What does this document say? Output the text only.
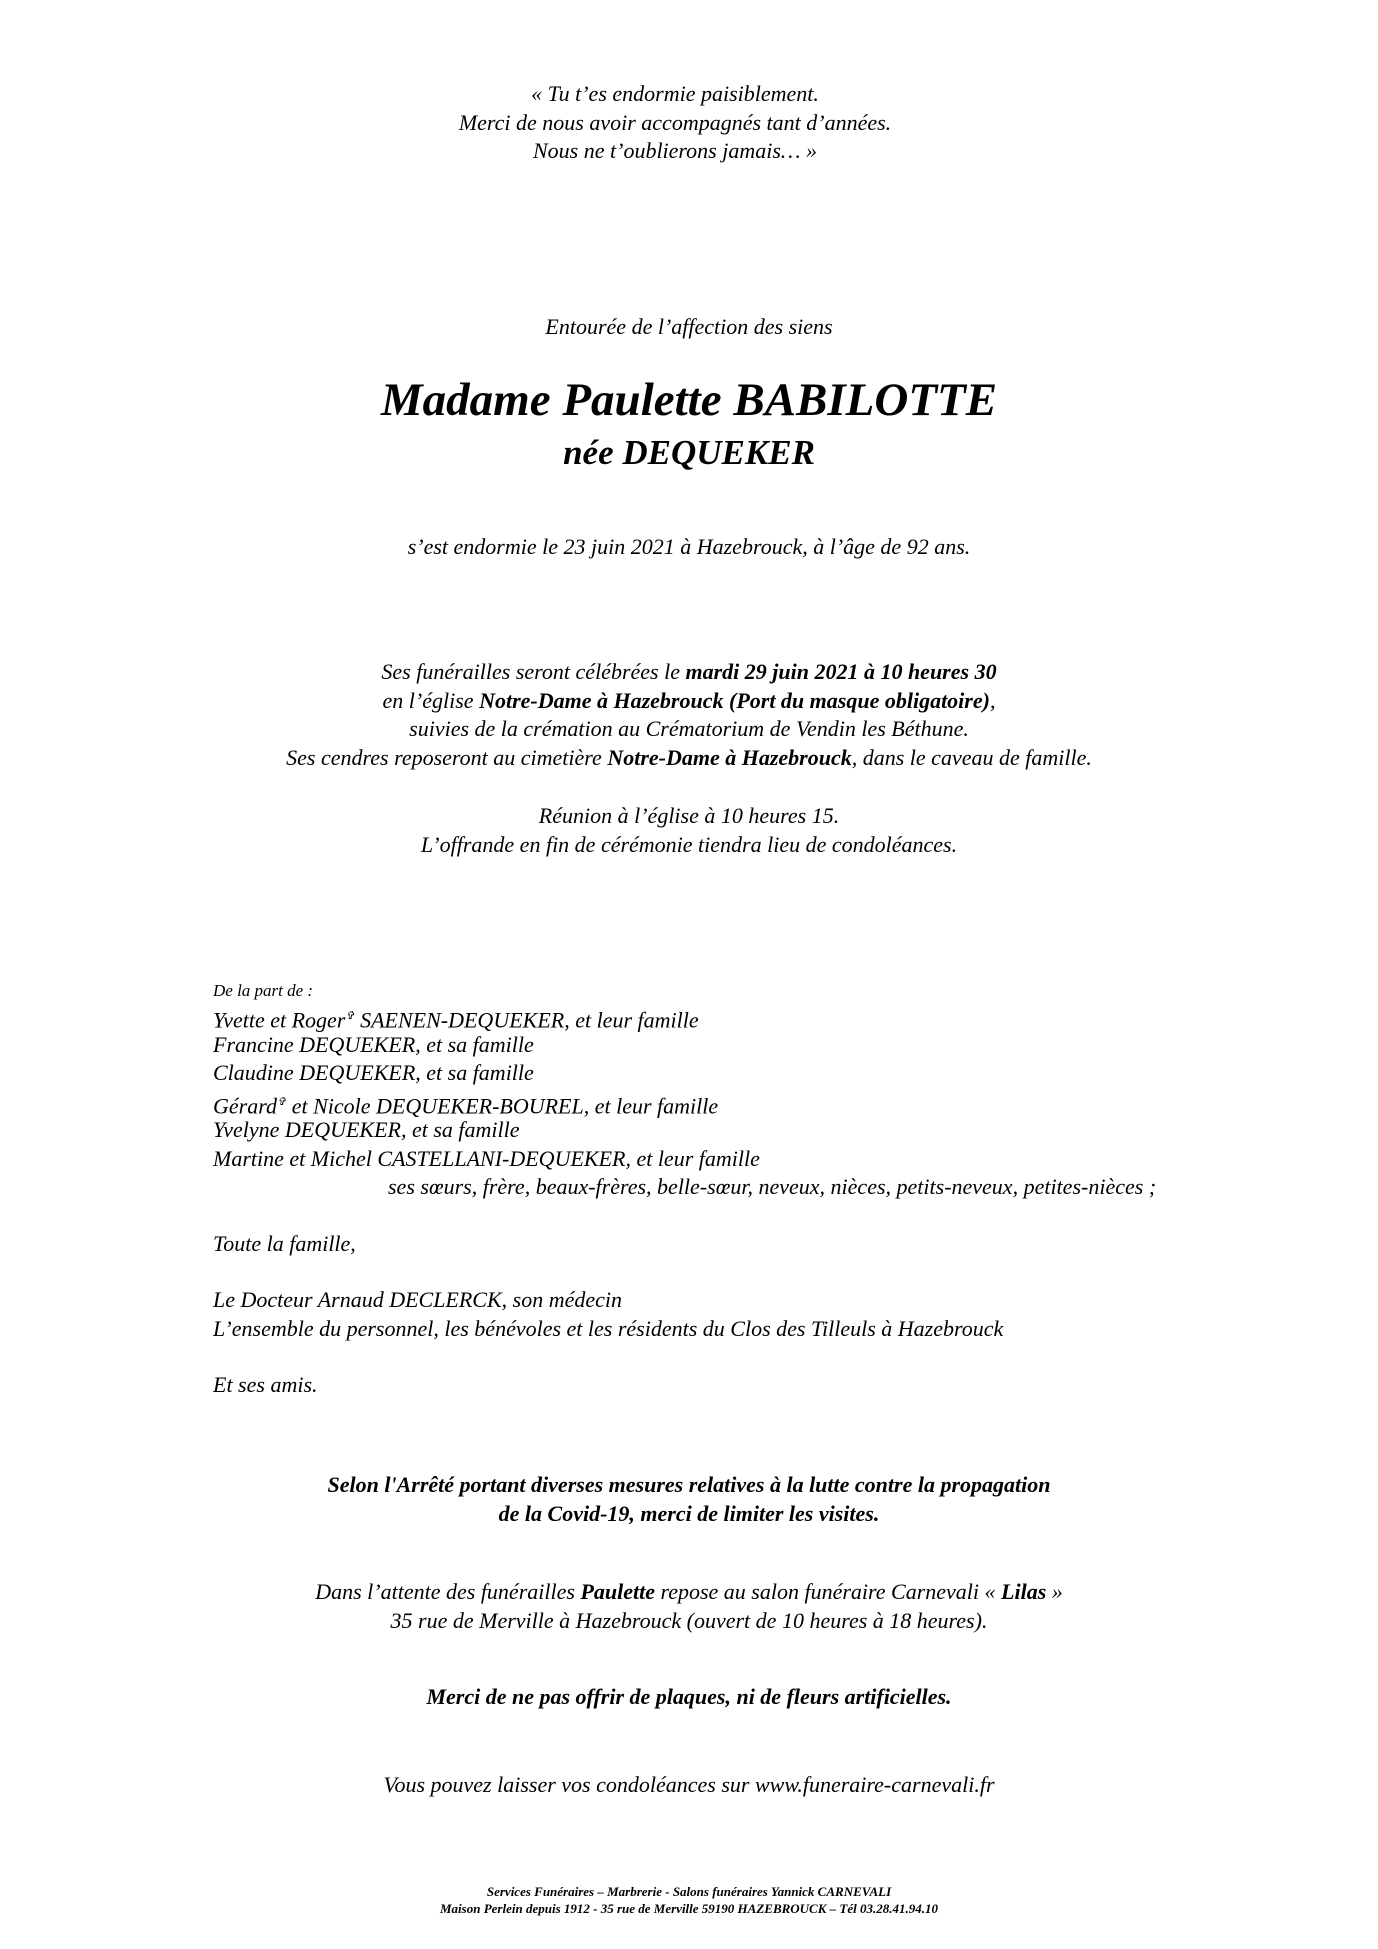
« Tu t’es endormie paisiblement.
Merci de nous avoir accompagnés tant d’années.
Nous ne t’oublierons jamais… »
Entourée de l’affection des siens
Madame Paulette BABILOTTE
née DEQUEKER
s’est endormie le 23 juin 2021 à Hazebrouck, à l’âge de 92 ans.
Ses funérailles seront célébrées le mardi 29 juin 2021 à 10 heures 30
en l’église Notre-Dame à Hazebrouck (Port du masque obligatoire),
suivies de la crémation au Crématorium de Vendin les Béthune.
Ses cendres reposeront au cimetière Notre-Dame à Hazebrouck, dans le caveau de famille.
Réunion à l’église à 10 heures 15.
L’offrande en fin de cérémonie tiendra lieu de condoléances.
De la part de :
Yvette et Roger✞ SAENEN-DEQUEKER, et leur famille
Francine DEQUEKER, et sa famille
Claudine DEQUEKER, et sa famille
Gérard✞ et Nicole DEQUEKER-BOUREL, et leur famille
Yvelyne DEQUEKER, et sa famille
Martine et Michel CASTELLANI-DEQUEKER, et leur famille
ses sœurs, frère, beaux-frères, belle-sœur, neveux, nièces, petits-neveux, petites-nièces ;
Toute la famille,
Le Docteur Arnaud DECLERCK, son médecin
L’ensemble du personnel, les bénévoles et les résidents du Clos des Tilleuls à Hazebrouck
Et ses amis.
Selon l'Arrêté portant diverses mesures relatives à la lutte contre la propagation
de la Covid-19, merci de limiter les visites.
Dans l’attente des funérailles Paulette repose au salon funéraire Carnevali « Lilas »
35 rue de Merville à Hazebrouck (ouvert de 10 heures à 18 heures).
Merci de ne pas offrir de plaques, ni de fleurs artificielles.
Vous pouvez laisser vos condoléances sur www.funeraire-carnevali.fr
Services Funéraires – Marbrerie - Salons funéraires Yannick CARNEVALI
Maison Perlein depuis 1912 - 35 rue de Merville 59190 HAZEBROUCK – Tél 03.28.41.94.10
